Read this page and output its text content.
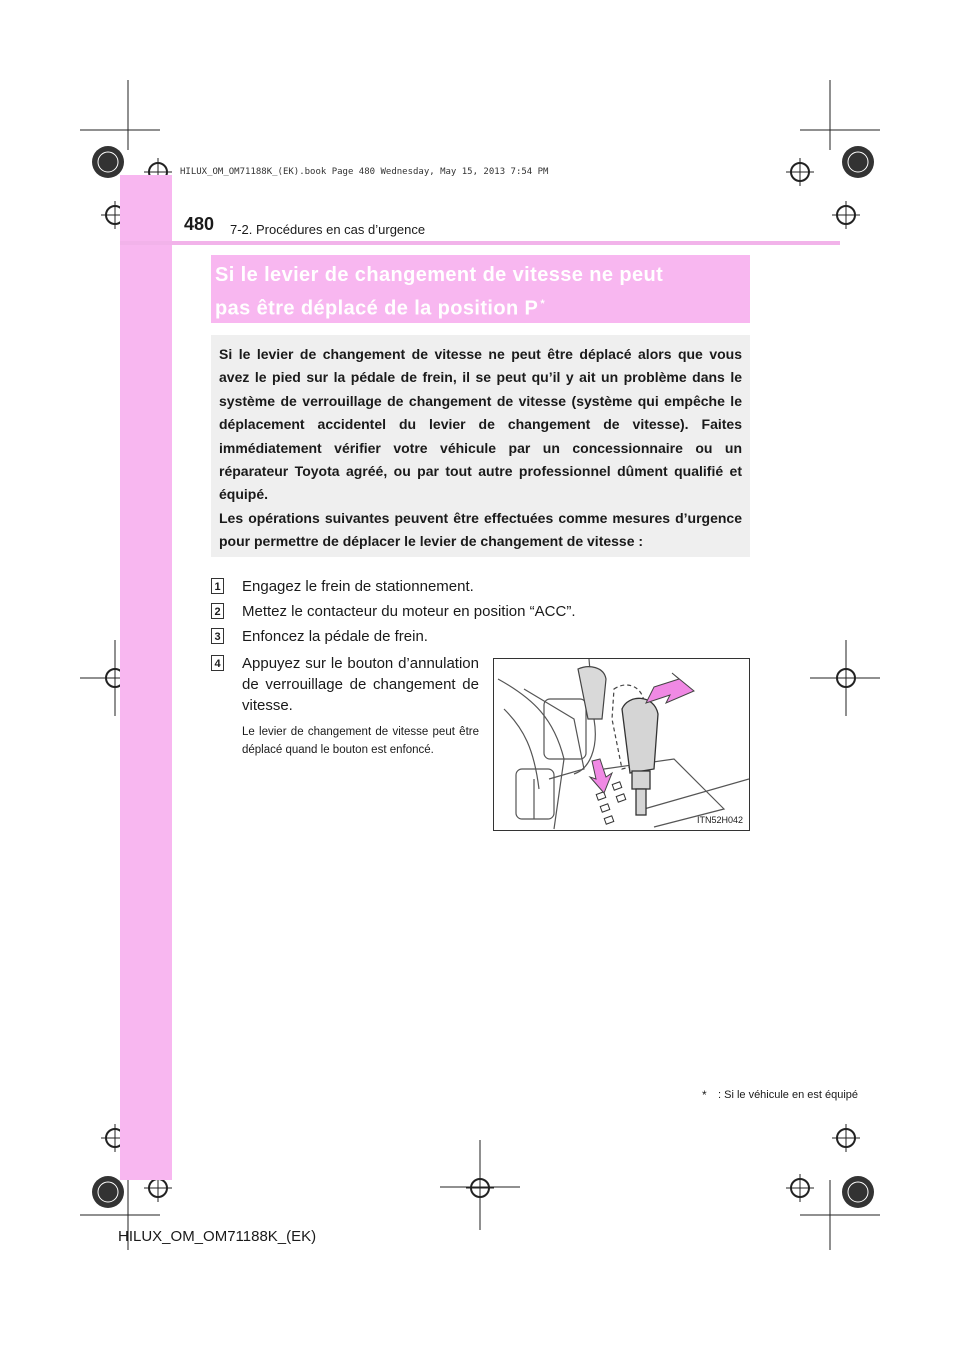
HILUX_OM_OM71188K_(EK).book Page 480 Wednesday, May 15, 2013 7:54 PM
480 7-2. Procédures en cas d’urgence
Si le levier de changement de vitesse ne peut
pas être déplacé de la position P *

Si le levier de changement de vitesse ne peut être déplacé alors que vous avez le pied sur la pédale de frein, il se peut qu’il y ait un problème dans le système de verrouillage de changement de vitesse (système qui empêche le déplacement accidentel du levier de changement de vitesse). Faites immédiatement vérifier votre véhicule par un concessionnaire ou un réparateur Toyota agréé, ou par tout autre professionnel dûment qualifié et équipé.
Les opérations suivantes peuvent être effectuées comme mesures d’urgence pour permettre de déplacer le levier de changement de vitesse :

1 Engagez le frein de stationnement.
2 Mettez le contacteur du moteur en position “ACC”.
3 Enfoncez la pédale de frein.
4 Appuyez sur le bouton d’annulation de verrouillage de changement de vitesse.

Le levier de changement de vitesse peut être déplacé quand le bouton est enfoncé.

ITN52H042
* : Si le véhicule en est équipé
HILUX_OM_OM71188K_(EK)
